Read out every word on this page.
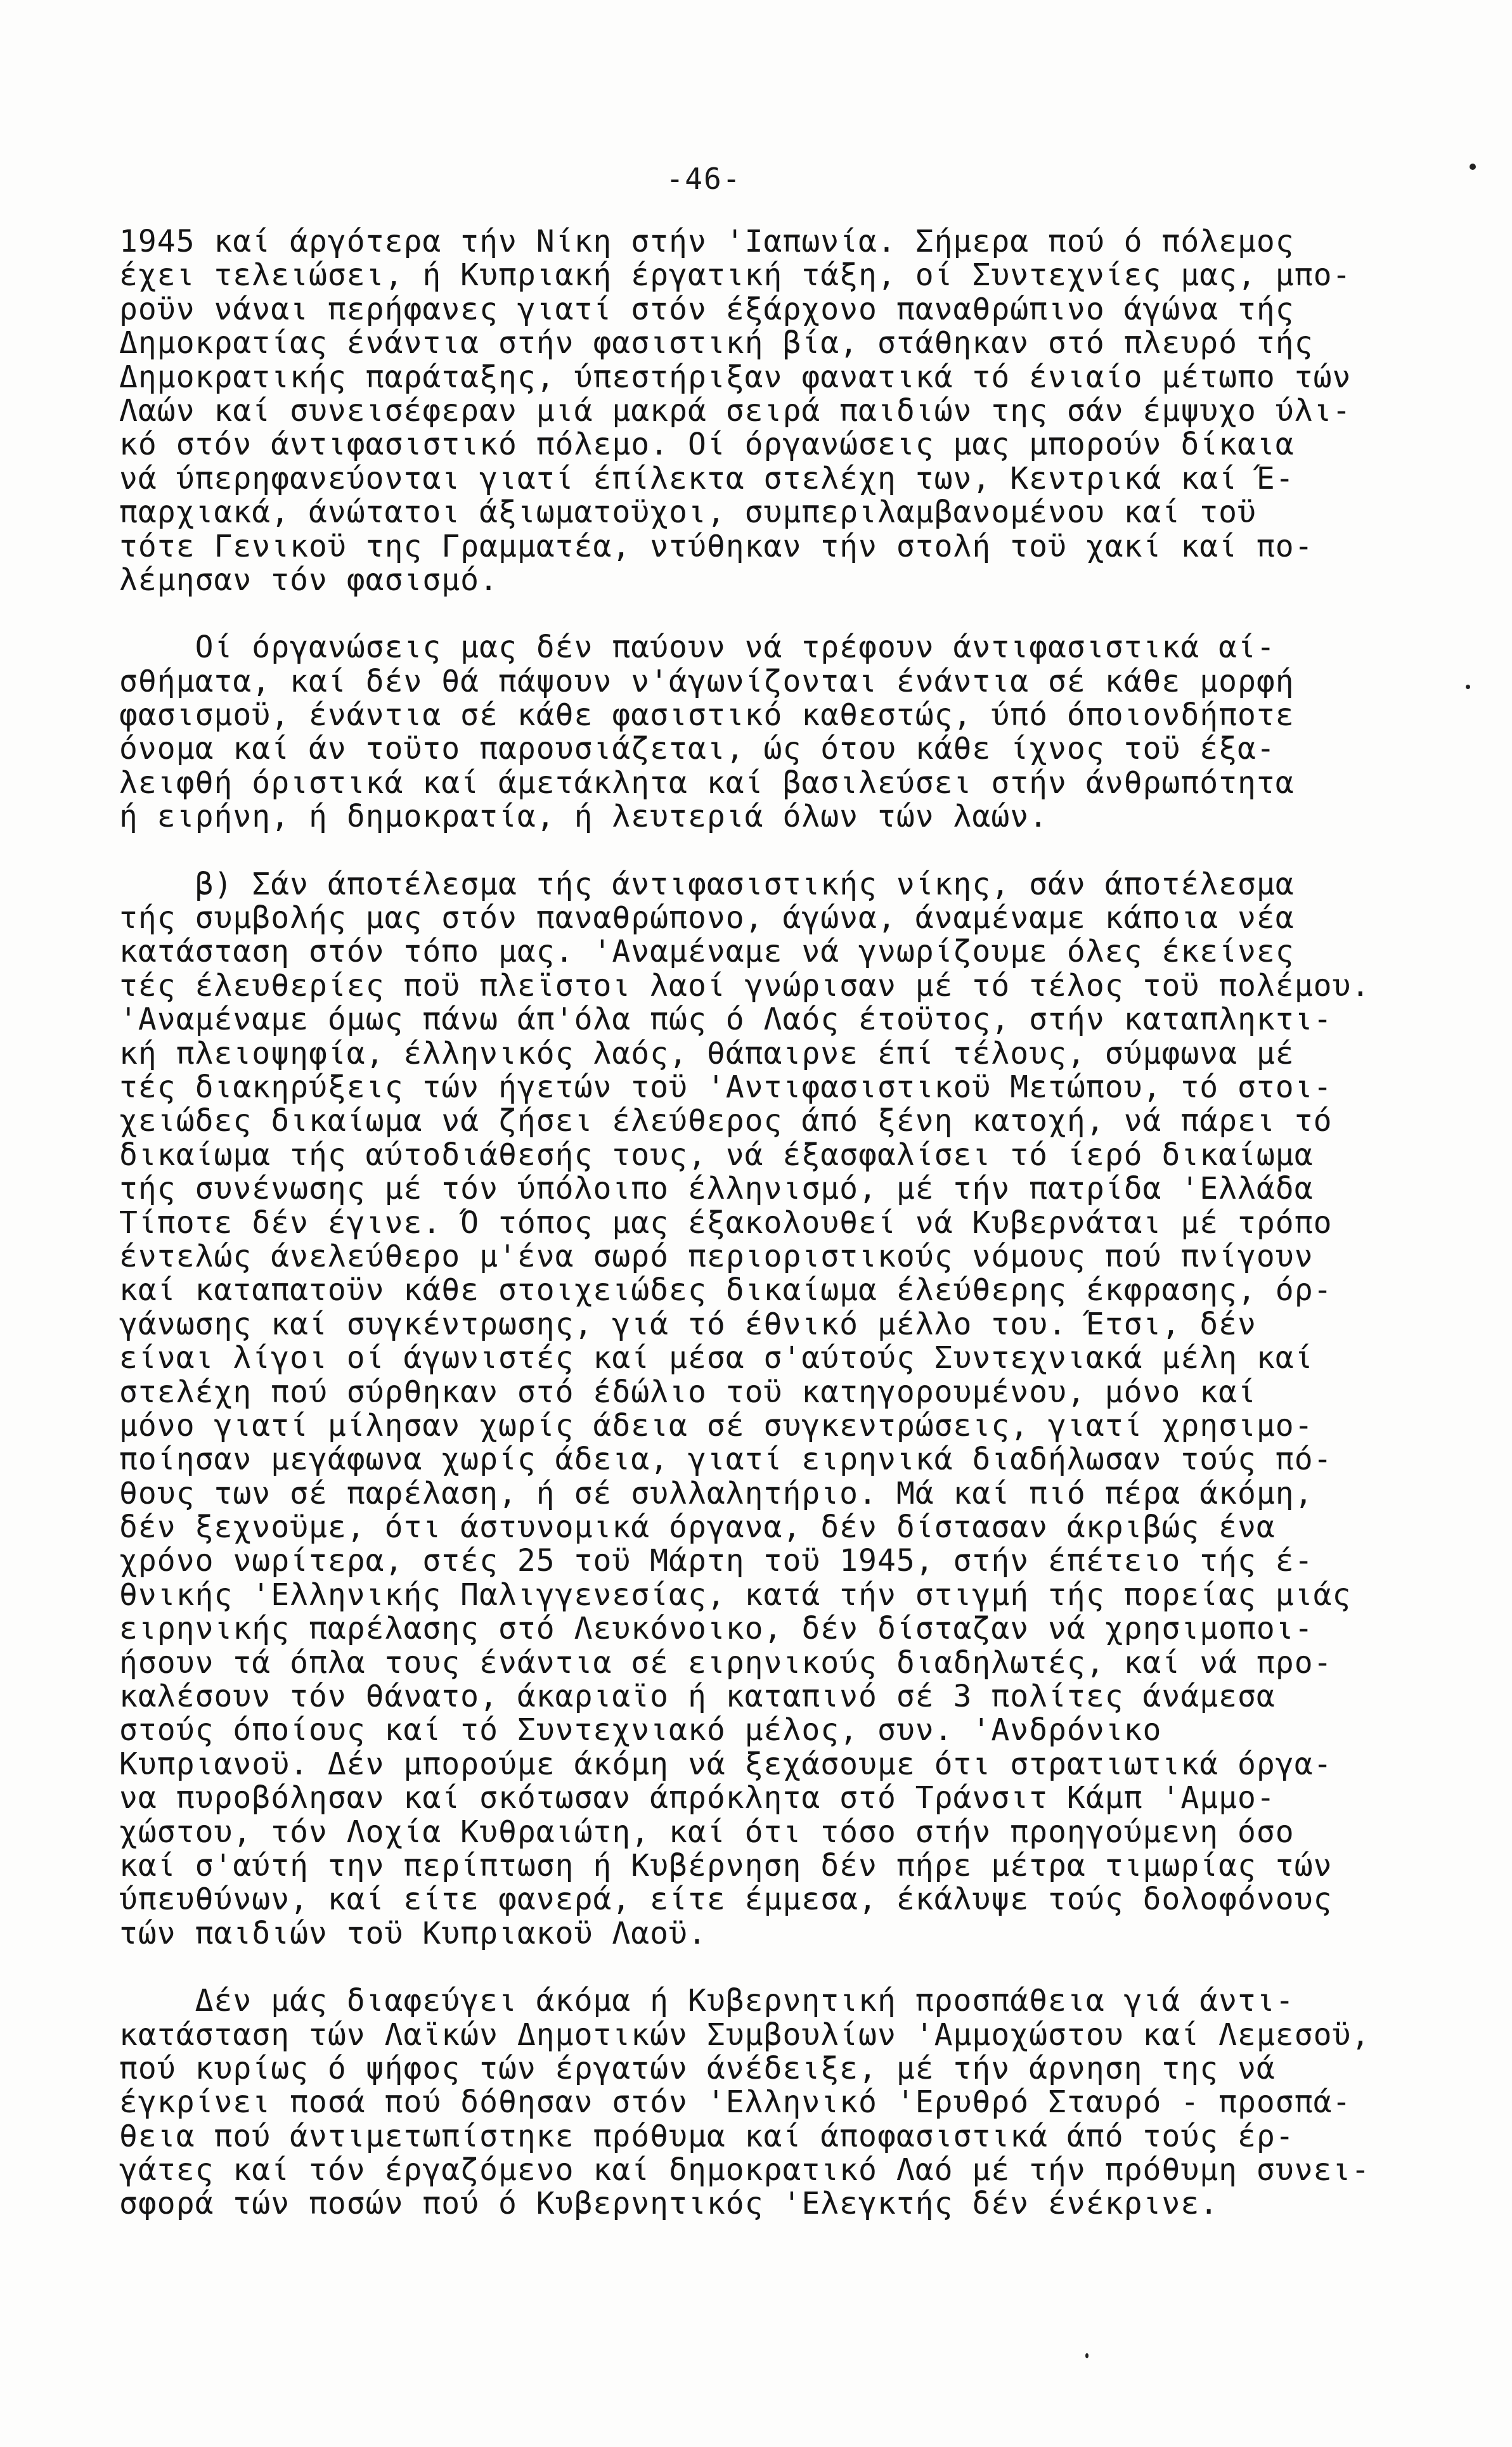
-46-
1945 καί άργότερα τήν Νίκη στήν 'Ιαπωνία. Σήμερα πού ό πόλεμος
έχει τελειώσει, ή Κυπριακή έργατική τάξη, οί Συντεχνίες μας, μπο-
ροϋν νάναι περήφανες γιατί στόν έξάρχονο παναθρώπινο άγώνα τής
Δημοκρατίας ένάντια στήν φασιστική βία, στάθηκαν στό πλευρό τής
Δημοκρατικής παράταξης, ύπεστήριξαν φανατικά τό ένιαίο μέτωπο τών
Λαών καί συνεισέφεραν μιά μακρά σειρά παιδιών της σάν έμψυχο ύλι-
κό στόν άντιφασιστικό πόλεμο. Οί όργανώσεις μας μπορούν δίκαια
νά ύπερηφανεύονται γιατί έπίλεκτα στελέχη των, Κεντρικά καί Έ-
παρχιακά, άνώτατοι άξιωματοϋχοι, συμπεριλαμβανομένου καί τοϋ
τότε Γενικοϋ της Γραμματέα, ντύθηκαν τήν στολή τοϋ χακί καί πο-
λέμησαν τόν φασισμό.
Οί όργανώσεις μας δέν παύουν νά τρέφουν άντιφασιστικά αί-
σθήματα, καί δέν θά πάψουν ν'άγωνίζονται ένάντια σέ κάθε μορφή
φασισμοϋ, ένάντια σέ κάθε φασιστικό καθεστώς, ύπό όποιονδήποτε
όνομα καί άν τοϋτο παρουσιάζεται, ώς ότου κάθε ίχνος τοϋ έξα-
λειφθή όριστικά καί άμετάκλητα καί βασιλεύσει στήν άνθρωπότητα
ή ειρήνη, ή δημοκρατία, ή λευτεριά όλων τών λαών.
β) Σάν άποτέλεσμα τής άντιφασιστικής νίκης, σάν άποτέλεσμα
τής συμβολής μας στόν παναθρώπονο, άγώνα, άναμέναμε κάποια νέα
κατάσταση στόν τόπο μας. 'Αναμέναμε νά γνωρίζουμε όλες έκείνες
τές έλευθερίες ποϋ πλεϊστοι λαοί γνώρισαν μέ τό τέλος τοϋ πολέμου.
'Αναμέναμε όμως πάνω άπ'όλα πώς ό Λαός έτοϋτος, στήν καταπληκτι-
κή πλειοψηφία, έλληνικός λαός, θάπαιρνε έπί τέλους, σύμφωνα μέ
τές διακηρύξεις τών ήγετών τοϋ 'Αντιφασιστικοϋ Μετώπου, τό στοι-
χειώδες δικαίωμα νά ζήσει έλεύθερος άπό ξένη κατοχή, νά πάρει τό
δικαίωμα τής αύτοδιάθεσής τους, νά έξασφαλίσει τό ίερό δικαίωμα
τής συνένωσης μέ τόν ύπόλοιπο έλληνισμό, μέ τήν πατρίδα 'Ελλάδα
Τίποτε δέν έγινε. Ό τόπος μας έξακολουθεί νά Κυβερνάται μέ τρόπο
έντελώς άνελεύθερο μ'ένα σωρό περιοριστικούς νόμους πού πνίγουν
καί καταπατοϋν κάθε στοιχειώδες δικαίωμα έλεύθερης έκφρασης, όρ-
γάνωσης καί συγκέντρωσης, γιά τό έθνικό μέλλο του. Έτσι, δέν
είναι λίγοι οί άγωνιστές καί μέσα σ'αύτούς Συντεχνιακά μέλη καί
στελέχη πού σύρθηκαν στό έδώλιο τοϋ κατηγορουμένου, μόνο καί
μόνο γιατί μίλησαν χωρίς άδεια σέ συγκεντρώσεις, γιατί χρησιμο-
ποίησαν μεγάφωνα χωρίς άδεια, γιατί ειρηνικά διαδήλωσαν τούς πό-
θους των σέ παρέλαση, ή σέ συλλαλητήριο. Μά καί πιό πέρα άκόμη,
δέν ξεχνοϋμε, ότι άστυνομικά όργανα, δέν δίστασαν άκριβώς ένα
χρόνο νωρίτερα, στές 25 τοϋ Μάρτη τοϋ 1945, στήν έπέτειο τής έ-
θνικής 'Ελληνικής Παλιγγενεσίας, κατά τήν στιγμή τής πορείας μιάς
ειρηνικής παρέλασης στό Λευκόνοικο, δέν δίσταζαν νά χρησιμοποι-
ήσουν τά όπλα τους ένάντια σέ ειρηνικούς διαδηλωτές, καί νά προ-
καλέσουν τόν θάνατο, άκαριαϊο ή καταπινό σέ 3 πολίτες άνάμεσα
στούς όποίους καί τό Συντεχνιακό μέλος, συν. 'Ανδρόνικο
Κυπριανοϋ. Δέν μπορούμε άκόμη νά ξεχάσουμε ότι στρατιωτικά όργα-
να πυροβόλησαν καί σκότωσαν άπρόκλητα στό Τράνσιτ Κάμπ 'Αμμο-
χώστου, τόν Λοχία Κυθραιώτη, καί ότι τόσο στήν προηγούμενη όσο
καί σ'αύτή την περίπτωση ή Κυβέρνηση δέν πήρε μέτρα τιμωρίας τών
ύπευθύνων, καί είτε φανερά, είτε έμμεσα, έκάλυψε τούς δολοφόνους
τών παιδιών τοϋ Κυπριακοϋ Λαοϋ.
Δέν μάς διαφεύγει άκόμα ή Κυβερνητική προσπάθεια γιά άντι-
κατάσταση τών Λαϊκών Δημοτικών Συμβουλίων 'Αμμοχώστου καί Λεμεσοϋ,
πού κυρίως ό ψήφος τών έργατών άνέδειξε, μέ τήν άρνηση της νά
έγκρίνει ποσά πού δόθησαν στόν 'Ελληνικό 'Ερυθρό Σταυρό - προσπά-
θεια πού άντιμετωπίστηκε πρόθυμα καί άποφασιστικά άπό τούς έρ-
γάτες καί τόν έργαζόμενο καί δημοκρατικό Λαό μέ τήν πρόθυμη συνει-
σφορά τών ποσών πού ό Κυβερνητικός 'Ελεγκτής δέν ένέκρινε.
